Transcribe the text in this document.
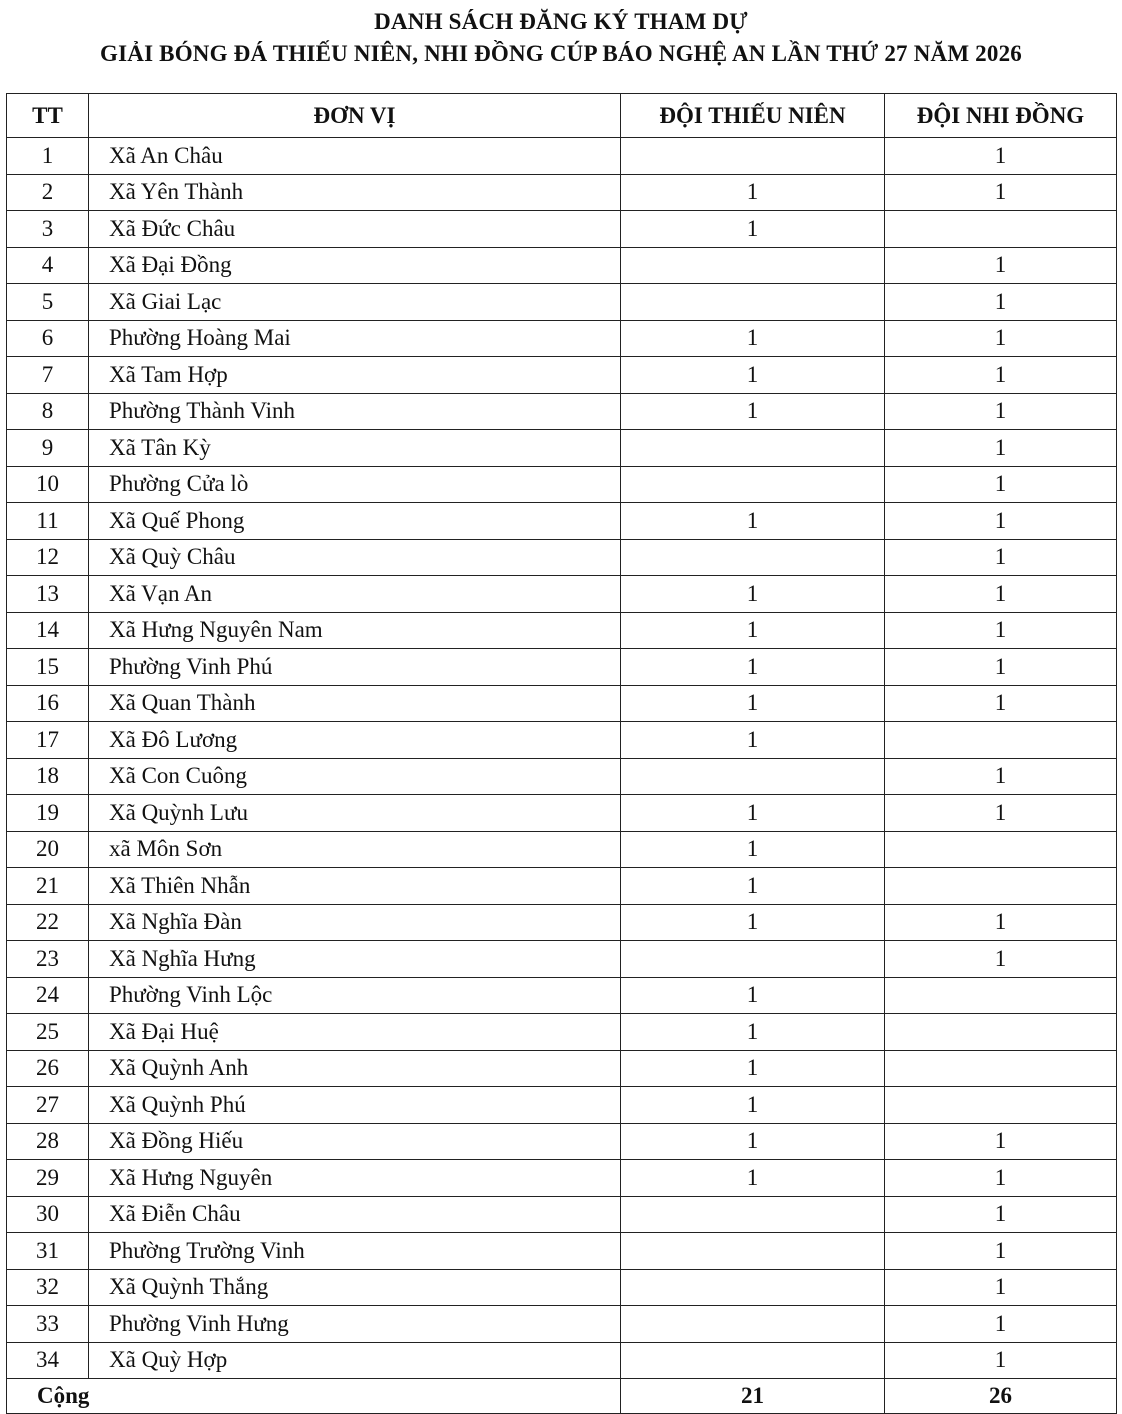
DANH SÁCH ĐĂNG KÝ THAM DỰ
GIẢI BÓNG ĐÁ THIẾU NIÊN, NHI ĐỒNG CÚP BÁO NGHỆ AN LẦN THỨ 27 NĂM 2026
TT	ĐƠN VỊ	ĐỘI THIẾU NIÊN	ĐỘI NHI ĐỒNG
1	Xã An Châu		1
2	Xã Yên Thành	1	1
3	Xã Đức Châu	1	
4	Xã Đại Đồng		1
5	Xã Giai Lạc		1
6	Phường Hoàng Mai	1	1
7	Xã Tam Hợp	1	1
8	Phường Thành Vinh	1	1
9	Xã Tân Kỳ		1
10	Phường Cửa lò		1
11	Xã Quế Phong	1	1
12	Xã Quỳ Châu		1
13	Xã Vạn An	1	1
14	Xã Hưng Nguyên Nam	1	1
15	Phường Vinh Phú	1	1
16	Xã Quan Thành	1	1
17	Xã Đô Lương	1	
18	Xã Con Cuông		1
19	Xã Quỳnh Lưu	1	1
20	xã Môn Sơn	1	
21	Xã Thiên Nhẫn	1	
22	Xã Nghĩa Đàn	1	1
23	Xã Nghĩa Hưng		1
24	Phường Vinh Lộc	1	
25	Xã Đại Huệ	1	
26	Xã Quỳnh Anh	1	
27	Xã Quỳnh Phú	1	
28	Xã Đồng Hiếu	1	1
29	Xã Hưng Nguyên	1	1
30	Xã Điễn Châu		1
31	Phường Trường Vinh		1
32	Xã Quỳnh Thắng		1
33	Phường Vinh Hưng		1
34	Xã Quỳ Hợp		1
Cộng		21	26
